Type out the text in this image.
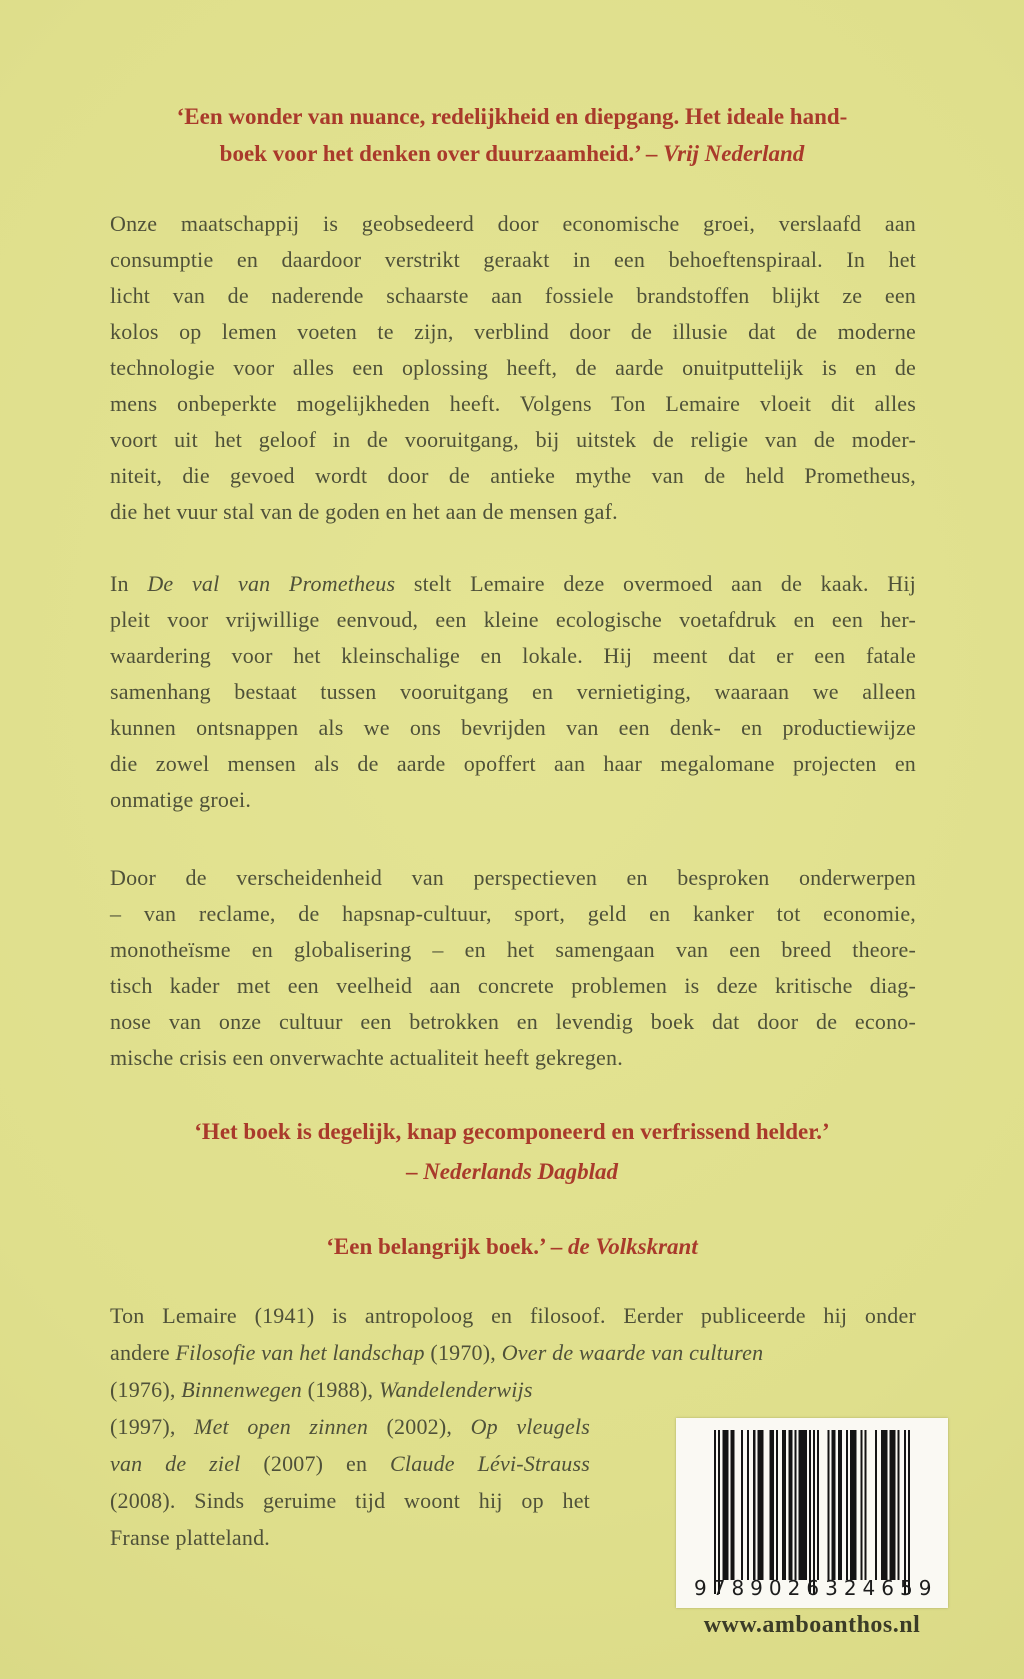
‘Een wonder van nuance, redelijkheid en diepgang. Het ideale hand-
boek voor het denken over duurzaamheid.’ – Vrij Nederland
Onze maatschappij is geobsedeerd door economische groei, verslaafd aan
consumptie en daardoor verstrikt geraakt in een behoeftenspiraal. In het
licht van de naderende schaarste aan fossiele brandstoffen blijkt ze een
kolos op lemen voeten te zijn, verblind door de illusie dat de moderne
technologie voor alles een oplossing heeft, de aarde onuitputtelijk is en de
mens onbeperkte mogelijkheden heeft. Volgens Ton Lemaire vloeit dit alles
voort uit het geloof in de vooruitgang, bij uitstek de religie van de moder-
niteit, die gevoed wordt door de antieke mythe van de held Prometheus,
die het vuur stal van de goden en het aan de mensen gaf.
In De val van Prometheus stelt Lemaire deze overmoed aan de kaak. Hij
pleit voor vrijwillige eenvoud, een kleine ecologische voetafdruk en een her-
waardering voor het kleinschalige en lokale. Hij meent dat er een fatale
samenhang bestaat tussen vooruitgang en vernietiging, waaraan we alleen
kunnen ontsnappen als we ons bevrijden van een denk- en productiewijze
die zowel mensen als de aarde opoffert aan haar megalomane projecten en
onmatige groei.
Door de verscheidenheid van perspectieven en besproken onderwerpen
– van reclame, de hapsnap-cultuur, sport, geld en kanker tot economie,
monotheïsme en globalisering – en het samengaan van een breed theore-
tisch kader met een veelheid aan concrete problemen is deze kritische diag-
nose van onze cultuur een betrokken en levendig boek dat door de econo-
mische crisis een onverwachte actualiteit heeft gekregen.
‘Het boek is degelijk, knap gecomponeerd en verfrissend helder.’
– Nederlands Dagblad
‘Een belangrijk boek.’ – de Volkskrant
Ton Lemaire (1941) is antropoloog en filosoof. Eerder publiceerde hij onder
andere Filosofie van het landschap (1970), Over de waarde van culturen
(1976), Binnenwegen (1988), Wandelenderwijs
(1997), Met open zinnen (2002), Op vleugels
van de ziel (2007) en Claude Lévi-Strauss
(2008). Sinds geruime tijd woont hij op het
Franse platteland.
9 789026 324659
www.amboanthos.nl
